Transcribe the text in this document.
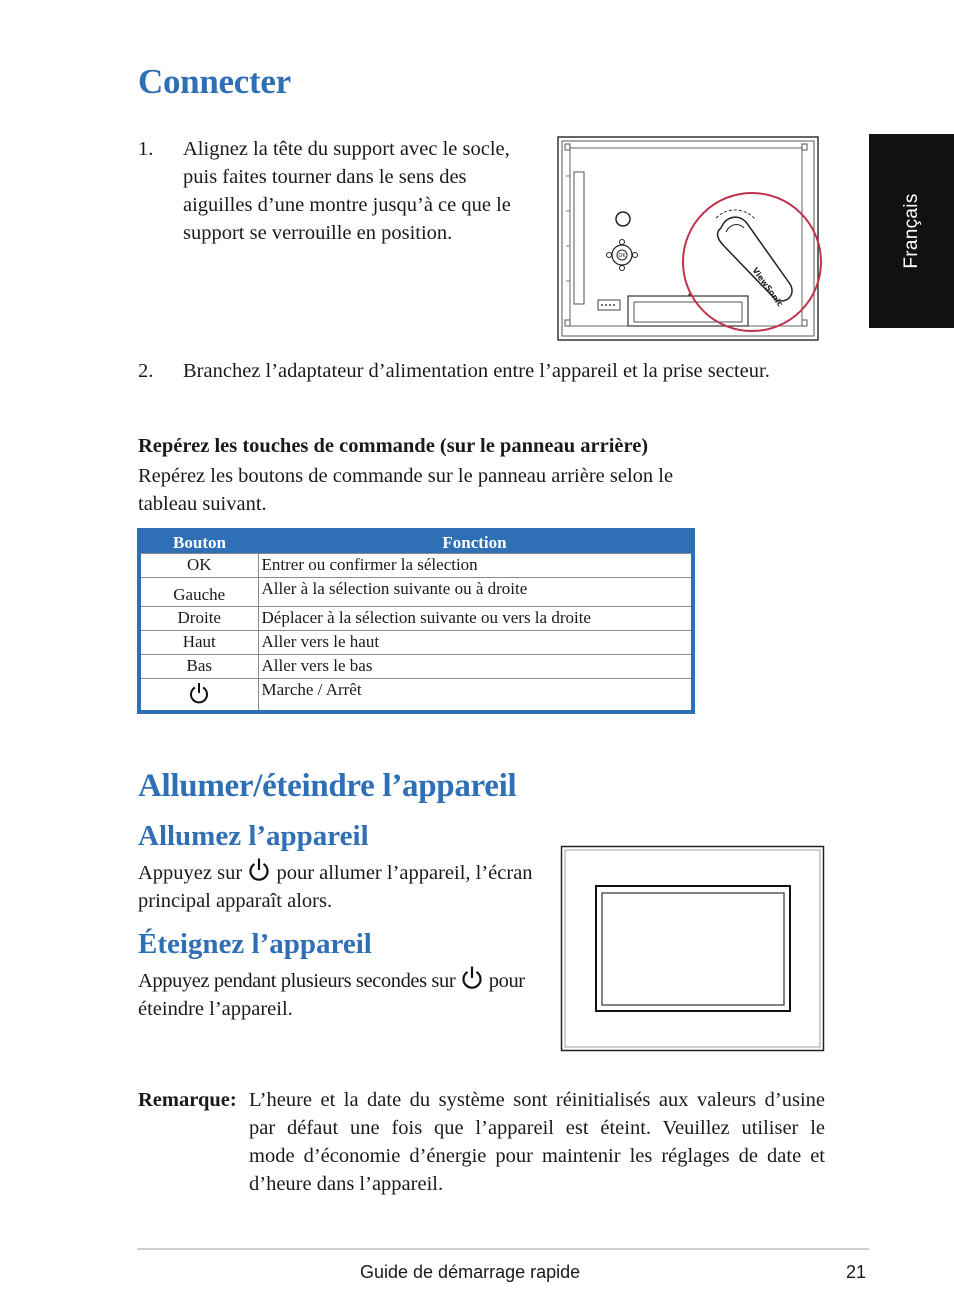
Français
Connecter
1. Alignez la tête du support avec le socle,
puis faites tourner dans le sens des
aiguilles d’une montre jusqu’à ce que le
support se verrouille en position.
OK
ViewSonic
▬
2. Branchez l’adaptateur d’alimentation entre l’appareil et la prise secteur.
Repérez les touches de commande (sur le panneau arrière)
Repérez les boutons de commande sur le panneau arrière selon le
tableau suivant.
Bouton	Fonction
OK	Entrer ou confirmer la sélection
Gauche	Aller à la sélection suivante ou à droite
Droite	Déplacer à la sélection suivante ou vers la droite
Haut	Aller vers le haut
Bas	Aller vers le bas
	Marche / Arrêt
Allumer/éteindre l’appareil
Allumez l’appareil
Appuyez sur pour allumer l’appareil, l’écran
principal apparaît alors.
Éteignez l’appareil
Appuyez pendant plusieurs secondes sur pour
éteindre l’appareil.
Remarque: L’heure et la date du système sont réinitialisés aux valeurs d’usine
par défaut une fois que l’appareil est éteint. Veuillez utiliser le
mode d’économie d’énergie pour maintenir les réglages de date et
d’heure dans l’appareil.
Guide de démarrage rapide	21
